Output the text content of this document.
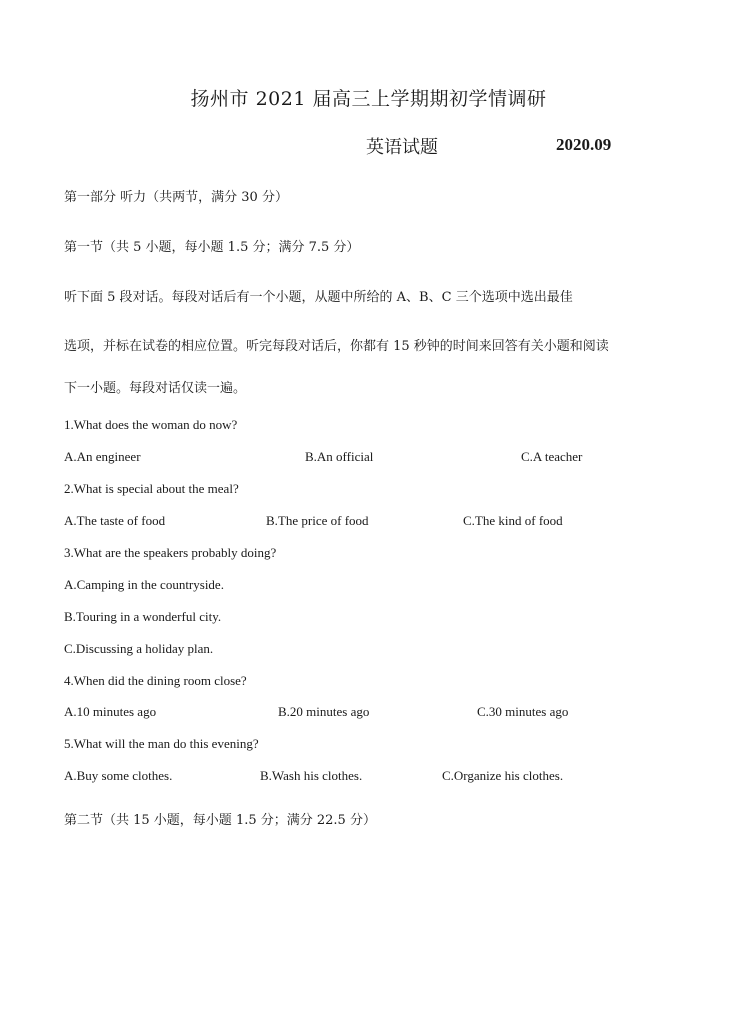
扬州市 2021 届高三上学期期初学情调研
英语试题	2020.09
第一部分 听力（共两节，满分 30 分）
第一节（共 5 小题，每小题 1.5 分；满分 7.5 分）
听下面 5 段对话。每段对话后有一个小题，从题中所给的 A、B、C 三个选项中选出最佳
选项，并标在试卷的相应位置。听完每段对话后，你都有 15 秒钟的时间来回答有关小题和阅读
下一小题。每段对话仅读一遍。
1.What does the woman do now?
A.An engineer	B.An official	C.A teacher
2.What is special about the meal?
A.The taste of food	B.The price of food	C.The kind of food
3.What are the speakers probably doing?
A.Camping in the countryside.
B.Touring in a wonderful city.
C.Discussing a holiday plan.
4.When did the dining room close?
A.10 minutes ago	B.20 minutes ago	C.30 minutes ago
5.What will the man do this evening?
A.Buy some clothes.	B.Wash his clothes.	C.Organize his clothes.
第二节（共 15 小题，每小题 1.5 分；满分 22.5 分）
